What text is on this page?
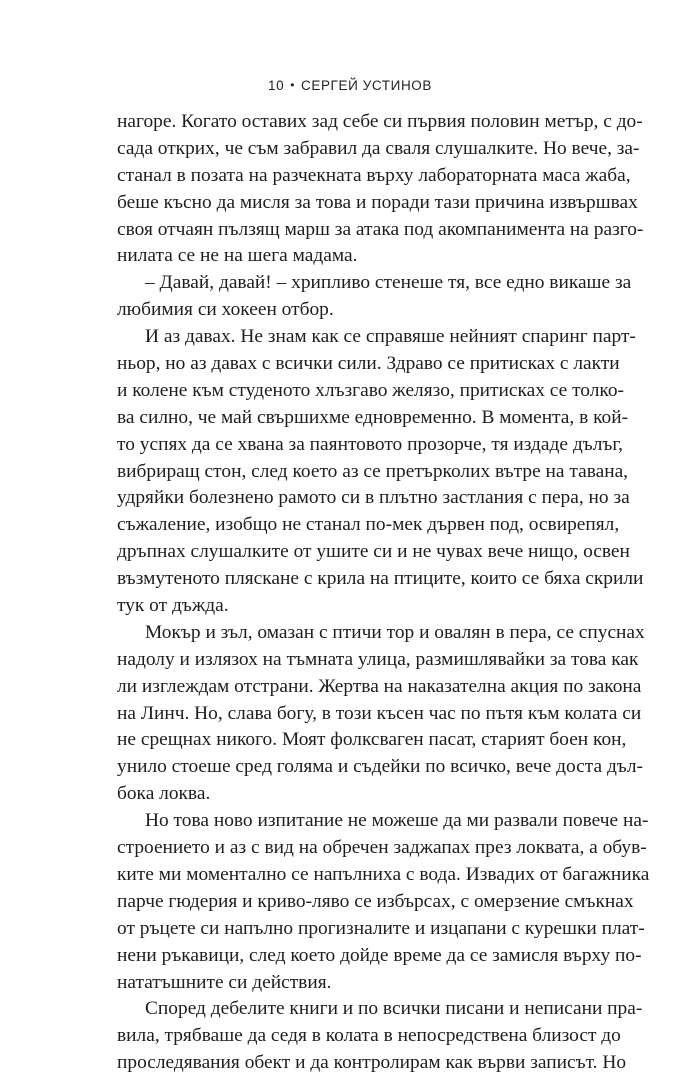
10 • СЕРГЕЙ УСТИНОВ
нагоре. Когато оставих зад себе си първия половин метър, с до-
сада открих, че съм забравил да сваля слушалките. Но вече, за-
станал в позата на разчекната върху лабораторната маса жаба,
беше късно да мисля за това и поради тази причина извършвах
своя отчаян пълзящ марш за атака под акомпанимента на разго-
нилата се не на шега мадама.
– Давай, давай! – хрипливо стенеше тя, все едно викаше за
любимия си хокеен отбор.
И аз давах. Не знам как се справяше нейният спаринг парт-
ньор, но аз давах с всички сили. Здраво се притисках с лакти
и колене към студеното хлъзгаво желязо, притисках се толко-
ва силно, че май свършихме едновременно. В момента, в кой-
то успях да се хвана за паянтовото прозорче, тя издаде дълъг,
вибриращ стон, след което аз се претърколих вътре на тавана,
удряйки болезнено рамото си в плътно застлания с пера, но за
съжаление, изобщо не станал по-мек дървен под, освирепял,
дръпнах слушалките от ушите си и не чувах вече нищо, освен
възмутеното пляскане с крила на птиците, които се бяха скрили
тук от дъжда.
Мокър и зъл, омазан с птичи тор и овалян в пера, се спуснах
надолу и излязох на тъмната улица, размишлявайки за това как
ли изглеждам отстрани. Жертва на наказателна акция по закона
на Линч. Но, слава богу, в този късен час по пътя към колата си
не срещнах никого. Моят фолксваген пасат, старият боен кон,
унило стоеше сред голяма и съдейки по всичко, вече доста дъл-
бока локва.
Но това ново изпитание не можеше да ми развали повече на-
строението и аз с вид на обречен заджапах през локвата, а обув-
ките ми моментално се напълниха с вода. Извадих от багажника
парче гюдерия и криво-ляво се избърсах, с омерзение смъкнах
от ръцете си напълно прогизналите и изцапани с курешки плат-
нени ръкавици, след което дойде време да се замисля върху по-
нататъшните си действия.
Според дебелите книги и по всички писани и неписани пра-
вила, трябваше да седя в колата в непосредствена близост до
проследявания обект и да контролирам как върви записът. Но
